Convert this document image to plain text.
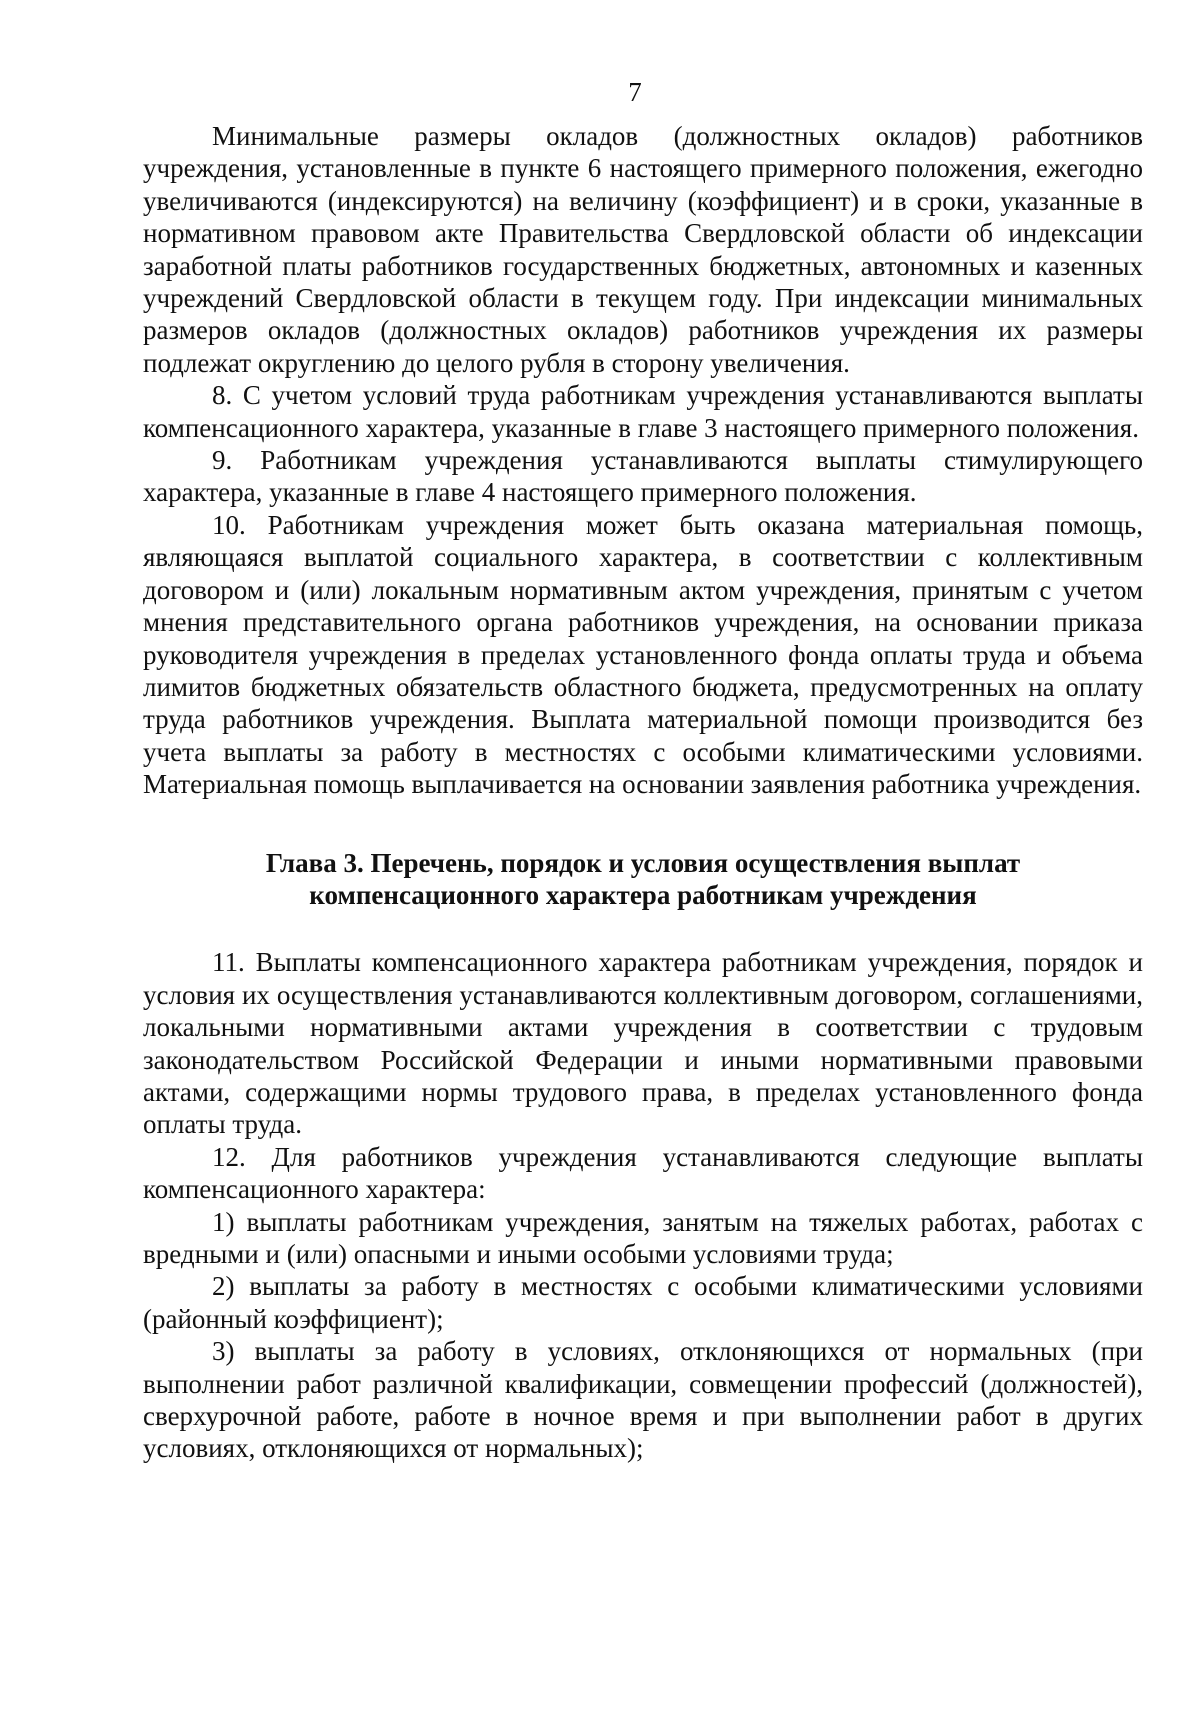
7

Минимальные размеры окладов (должностных окладов) работников учреждения, установленные в пункте 6 настоящего примерного положения, ежегодно увеличиваются (индексируются) на величину (коэффициент) и в сроки, указанные в нормативном правовом акте Правительства Свердловской области об индексации заработной платы работников государственных бюджетных, автономных и казенных учреждений Свердловской области в текущем году. При индексации минимальных размеров окладов (должностных окладов) работников учреждения их размеры подлежат округлению до целого рубля в сторону увеличения.

8. С учетом условий труда работникам учреждения устанавливаются выплаты компенсационного характера, указанные в главе 3 настоящего примерного положения.

9. Работникам учреждения устанавливаются выплаты стимулирующего характера, указанные в главе 4 настоящего примерного положения.

10. Работникам учреждения может быть оказана материальная помощь, являющаяся выплатой социального характера, в соответствии с коллективным договором и (или) локальным нормативным актом учреждения, принятым с учетом мнения представительного органа работников учреждения, на основании приказа руководителя учреждения в пределах установленного фонда оплаты труда и объема лимитов бюджетных обязательств областного бюджета, предусмотренных на оплату труда работников учреждения. Выплата материальной помощи производится без учета выплаты за работу в местностях с особыми климатическими условиями. Материальная помощь выплачивается на основании заявления работника учреждения.

Глава 3. Перечень, порядок и условия осуществления выплат
компенсационного характера работникам учреждения

11. Выплаты компенсационного характера работникам учреждения, порядок и условия их осуществления устанавливаются коллективным договором, соглашениями, локальными нормативными актами учреждения в соответствии с трудовым законодательством Российской Федерации и иными нормативными правовыми актами, содержащими нормы трудового права, в пределах установленного фонда оплаты труда.

12. Для работников учреждения устанавливаются следующие выплаты компенсационного характера:

1) выплаты работникам учреждения, занятым на тяжелых работах, работах с вредными и (или) опасными и иными особыми условиями труда;

2) выплаты за работу в местностях с особыми климатическими условиями (районный коэффициент);

3) выплаты за работу в условиях, отклоняющихся от нормальных (при выполнении работ различной квалификации, совмещении профессий (должностей), сверхурочной работе, работе в ночное время и при выполнении работ в других условиях, отклоняющихся от нормальных);
